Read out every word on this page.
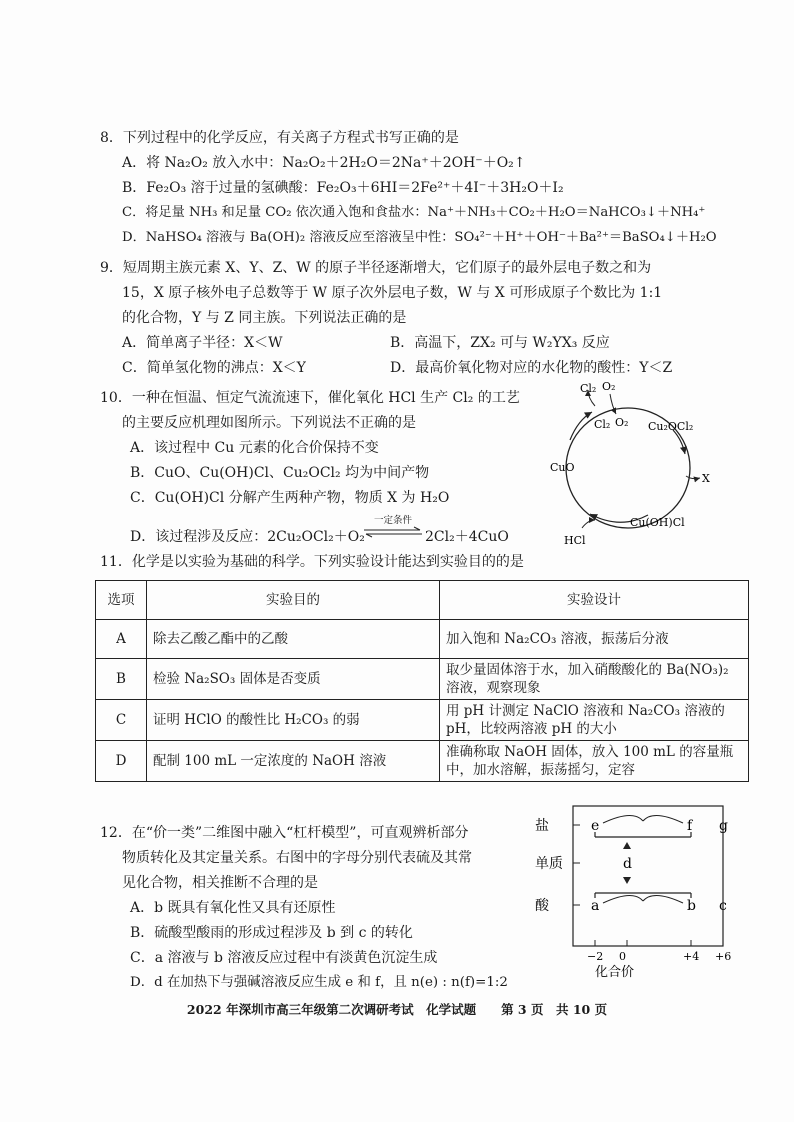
8．下列过程中的化学反应，有关离子方程式书写正确的是
A．将 Na₂O₂ 放入水中：Na₂O₂＋2H₂O＝2Na⁺＋2OH⁻＋O₂↑
B．Fe₂O₃ 溶于过量的氢碘酸：Fe₂O₃＋6HI＝2Fe²⁺＋4I⁻＋3H₂O＋I₂
C．将足量 NH₃ 和足量 CO₂ 依次通入饱和食盐水：Na⁺＋NH₃＋CO₂＋H₂O＝NaHCO₃↓＋NH₄⁺
D．NaHSO₄ 溶液与 Ba(OH)₂ 溶液反应至溶液呈中性：SO₄²⁻＋H⁺＋OH⁻＋Ba²⁺＝BaSO₄↓＋H₂O
9．短周期主族元素 X、Y、Z、W 的原子半径逐渐增大，它们原子的最外层电子数之和为
15，X 原子核外电子总数等于 W 原子次外层电子数，W 与 X 可形成原子个数比为 1:1
的化合物，Y 与 Z 同主族。下列说法正确的是
A．简单离子半径：X＜W	B．高温下，ZX₂ 可与 W₂YX₃ 反应
C．简单氢化物的沸点：X＜Y	D．最高价氧化物对应的水化物的酸性：Y＜Z
10．一种在恒温、恒定气流流速下，催化氧化 HCl 生产 Cl₂ 的工艺
的主要反应机理如图所示。下列说法不正确的是
A．该过程中 Cu 元素的化合价保持不变
B．CuO、Cu(OH)Cl、Cu₂OCl₂ 均为中间产物
C．Cu(OH)Cl 分解产生两种产物，物质 X 为 H₂O
D．该过程涉及反应：2Cu₂OCl₂＋O₂
一定条件
2Cl₂＋4CuO
Cl₂ O₂
Cl₂ O₂ Cu₂OCl₂
CuO
X
HCl
Cu(OH)Cl
11．化学是以实验为基础的科学。下列实验设计能达到实验目的的是
选项	实验目的	实验设计
A	除去乙酸乙酯中的乙酸	加入饱和 Na₂CO₃ 溶液，振荡后分液
B	检验 Na₂SO₃ 固体是否变质	取少量固体溶于水，加入硝酸酸化的 Ba(NO₃)₂
溶液，观察现象
C	证明 HClO 的酸性比 H₂CO₃ 的弱	用 pH 计测定 NaClO 溶液和 Na₂CO₃ 溶液的
pH，比较两溶液 pH 的大小
D	配制 100 mL 一定浓度的 NaOH 溶液	准确称取 NaOH 固体，放入 100 mL 的容量瓶
中，加水溶解，振荡摇匀，定容
12．在“价一类”二维图中融入“杠杆模型”，可直观辨析部分
物质转化及其定量关系。右图中的字母分别代表硫及其常
见化合物，相关推断不合理的是
A．b 既具有氧化性又具有还原性
B．硫酸型酸雨的形成过程涉及 b 到 c 的转化
C．a 溶液与 b 溶液反应过程中有淡黄色沉淀生成
D．d 在加热下与强碱溶液反应生成 e 和 f，且 n(e) : n(f)=1:2
酸
单质
盐
−2 0	+4 +6
a	b c
d
e	f g
化合价
2022 年深圳市高三年级第二次调研考试　化学试题　　第 3 页　共 10 页
